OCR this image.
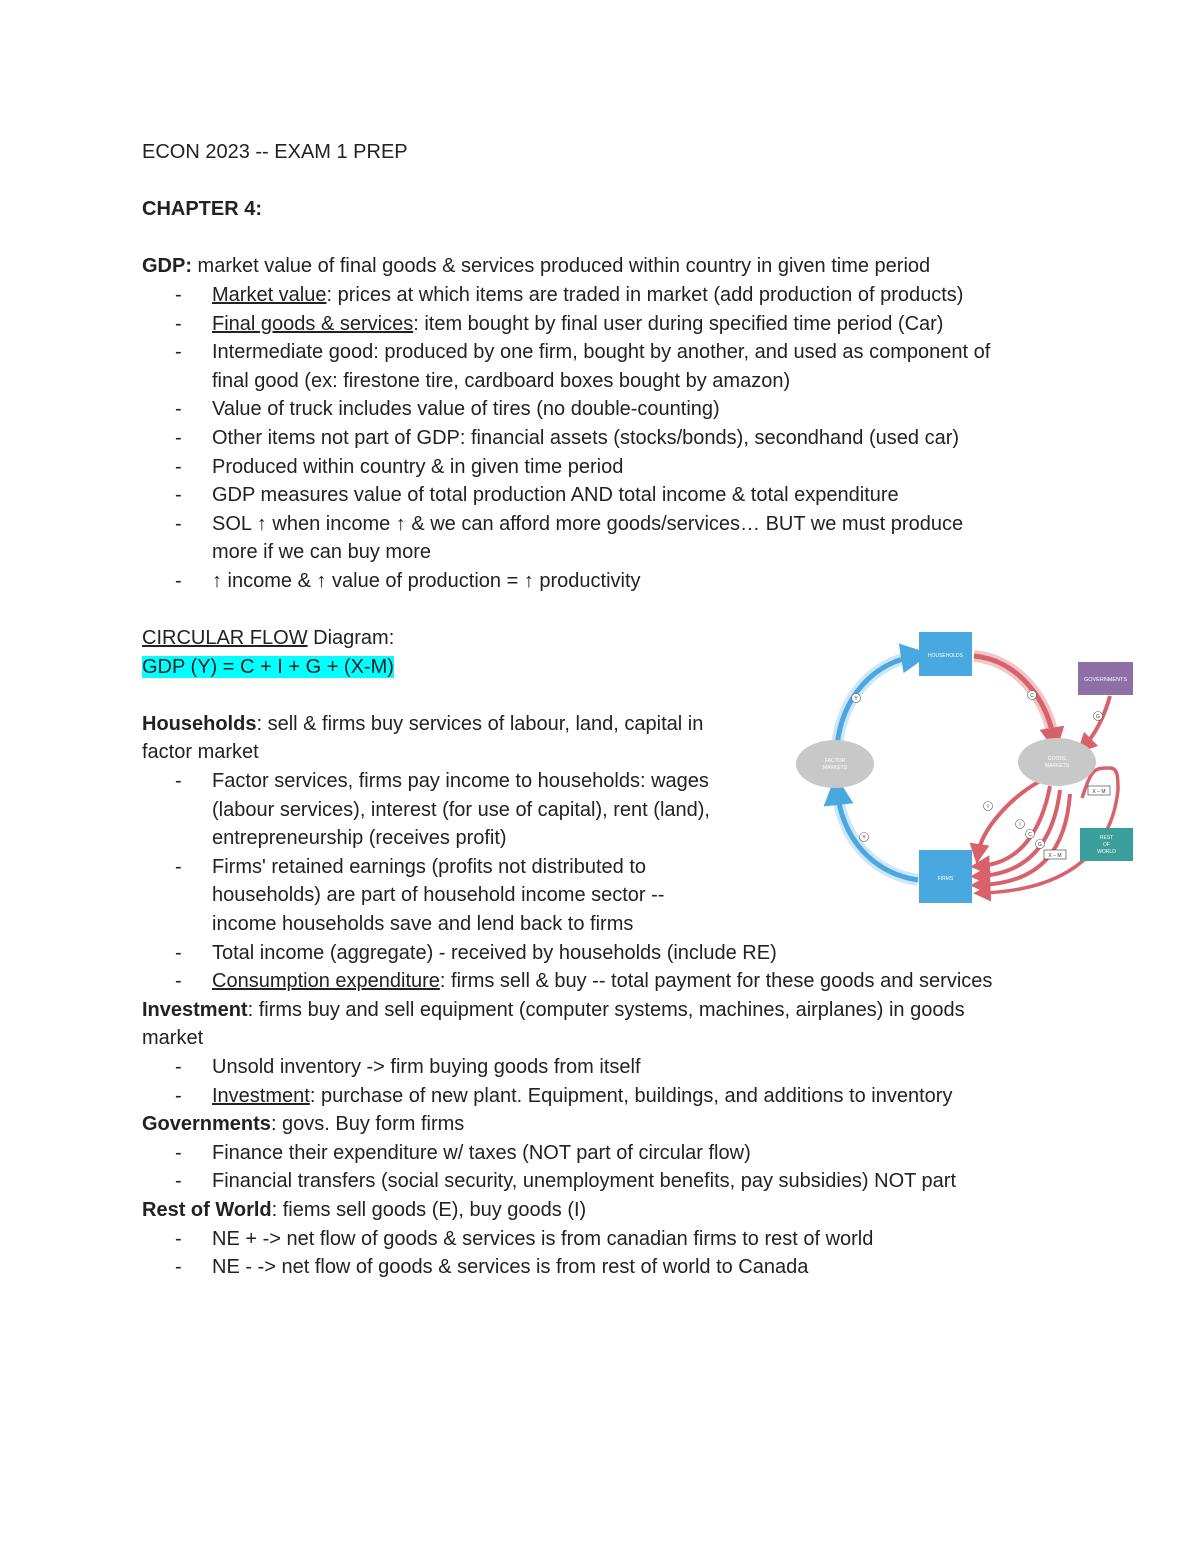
ECON 2023 -- EXAM 1 PREP
CHAPTER 4:
GDP: market value of final goods & services produced within country in given time period
- Market value: prices at which items are traded in market (add production of products)
- Final goods & services: item bought by final user during specified time period (Car)
- Intermediate good: produced by one firm, bought by another, and used as component of
final good (ex: firestone tire, cardboard boxes bought by amazon)
- Value of truck includes value of tires (no double-counting)
- Other items not part of GDP: financial assets (stocks/bonds), secondhand (used car)
- Produced within country & in given time period
- GDP measures value of total production AND total income & total expenditure
- SOL ↑ when income ↑ & we can afford more goods/services… BUT we must produce
more if we can buy more
- ↑ income & ↑ value of production = ↑ productivity
CIRCULAR FLOW Diagram:
GDP (Y) = C + I + G + (X-M)
Households: sell & firms buy services of labour, land, capital in
factor market
- Factor services, firms pay income to households: wages
(labour services), interest (for use of capital), rent (land),
entrepreneurship (receives profit)
- Firms' retained earnings (profits not distributed to
households) are part of household income sector --
income households save and lend back to firms
- Total income (aggregate) - received by households (include RE)
- Consumption expenditure: firms sell & buy -- total payment for these goods and services
Investment: firms buy and sell equipment (computer systems, machines, airplanes) in goods
market
- Unsold inventory -> firm buying goods from itself
- Investment: purchase of new plant. Equipment, buildings, and additions to inventory
Governments: govs. Buy form firms
- Finance their expenditure w/ taxes (NOT part of circular flow)
- Financial transfers (social security, unemployment benefits, pay subsidies) NOT part
Rest of World: fiems sell goods (E), buy goods (I)
- NE + -> net flow of goods & services is from canadian firms to rest of world
- NE - -> net flow of goods & services is from rest of world to Canada
HOUSEHOLDS
GOVERNMENTS
FACTOR
MARKETS
GOODS
MARKETS
FIRMS
REST
OF
WORLD
Y
Y
C
G
I
I
C
G
X − M
X − M
